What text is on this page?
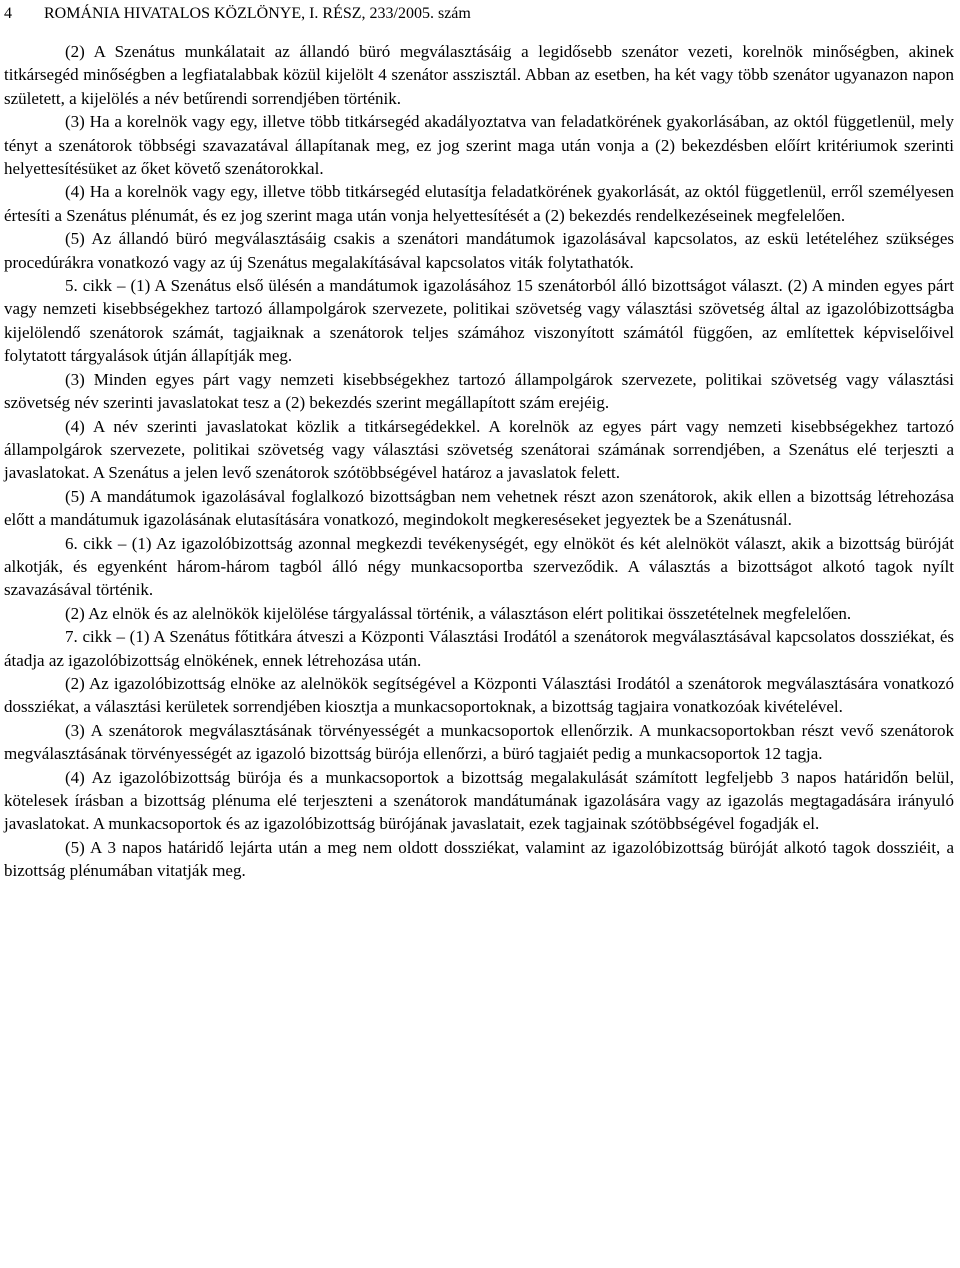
4 ROMÁNIA HIVATALOS KÖZLÖNYE, I. RÉSZ, 233/2005. szám

(2) A Szenátus munkálatait az állandó büró megválasztásáig a legidősebb szenátor vezeti, korelnök minőségben, akinek titkársegéd minőségben a legfiatalabbak közül kijelölt 4 szenátor asszisztál. Abban az esetben, ha két vagy több szenátor ugyanazon napon született, a kijelölés a név betűrendi sorrendjében történik.

(3) Ha a korelnök vagy egy, illetve több titkársegéd akadályoztatva van feladatkörének gyakorlásában, az októl függetlenül, mely tényt a szenátorok többségi szavazatával állapítanak meg, ez jog szerint maga után vonja a (2) bekezdésben előírt kritériumok szerinti helyettesítésüket az őket követő szenátorokkal.

(4) Ha a korelnök vagy egy, illetve több titkársegéd elutasítja feladatkörének gyakorlását, az októl függetlenül, erről személyesen értesíti a Szenátus plénumát, és ez jog szerint maga után vonja helyettesítését a (2) bekezdés rendelkezéseinek megfelelően.

(5) Az állandó büró megválasztásáig csakis a szenátori mandátumok igazolásával kapcsolatos, az eskü letételéhez szükséges procedúrákra vonatkozó vagy az új Szenátus megalakításával kapcsolatos viták folytathatók.

5. cikk – (1) A Szenátus első ülésén a mandátumok igazolásához 15 szenátorból álló bizottságot választ. (2) A minden egyes párt vagy nemzeti kisebbségekhez tartozó állampolgárok szervezete, politikai szövetség vagy választási szövetség által az igazolóbizottságba kijelölendő szenátorok számát, tagjaiknak a szenátorok teljes számához viszonyított számától függően, az említettek képviselőivel folytatott tárgyalások útján állapítják meg.

(3) Minden egyes párt vagy nemzeti kisebbségekhez tartozó állampolgárok szervezete, politikai szövetség vagy választási szövetség név szerinti javaslatokat tesz a (2) bekezdés szerint megállapított szám erejéig.

(4) A név szerinti javaslatokat közlik a titkársegédekkel. A korelnök az egyes párt vagy nemzeti kisebbségekhez tartozó állampolgárok szervezete, politikai szövetség vagy választási szövetség szenátorai számának sorrendjében, a Szenátus elé terjeszti a javaslatokat. A Szenátus a jelen levő szenátorok szótöbbségével határoz a javaslatok felett.

(5) A mandátumok igazolásával foglalkozó bizottságban nem vehetnek részt azon szenátorok, akik ellen a bizottság létrehozása előtt a mandátumuk igazolásának elutasítására vonatkozó, megindokolt megkereséseket jegyeztek be a Szenátusnál.

6. cikk – (1) Az igazolóbizottság azonnal megkezdi tevékenységét, egy elnököt és két alelnököt választ, akik a bizottság büróját alkotják, és egyenként három-három tagból álló négy munkacsoportba szerveződik. A választás a bizottságot alkotó tagok nyílt szavazásával történik.

(2) Az elnök és az alelnökök kijelölése tárgyalással történik, a választáson elért politikai összetételnek megfelelően.

7. cikk – (1) A Szenátus főtitkára átveszi a Központi Választási Irodától a szenátorok megválasztásával kapcsolatos dossziékat, és átadja az igazolóbizottság elnökének, ennek létrehozása után.

(2) Az igazolóbizottság elnöke az alelnökök segítségével a Központi Választási Irodától a szenátorok megválasztására vonatkozó dossziékat, a választási kerületek sorrendjében kiosztja a munkacsoportoknak, a bizottság tagjaira vonatkozóak kivételével.

(3) A szenátorok megválasztásának törvényességét a munkacsoportok ellenőrzik. A munkacsoportokban részt vevő szenátorok megválasztásának törvényességét az igazoló bizottság bürója ellenőrzi, a büró tagjaiét pedig a munkacsoportok 12 tagja.

(4) Az igazolóbizottság bürója és a munkacsoportok a bizottság megalakulását számított legfeljebb 3 napos határidőn belül, kötelesek írásban a bizottság plénuma elé terjeszteni a szenátorok mandátumának igazolására vagy az igazolás megtagadására irányuló javaslatokat. A munkacsoportok és az igazolóbizottság bürójának javaslatait, ezek tagjainak szótöbbségével fogadják el.

(5) A 3 napos határidő lejárta után a meg nem oldott dossziékat, valamint az igazolóbizottság büróját alkotó tagok dossziéit, a bizottság plénumában vitatják meg.
